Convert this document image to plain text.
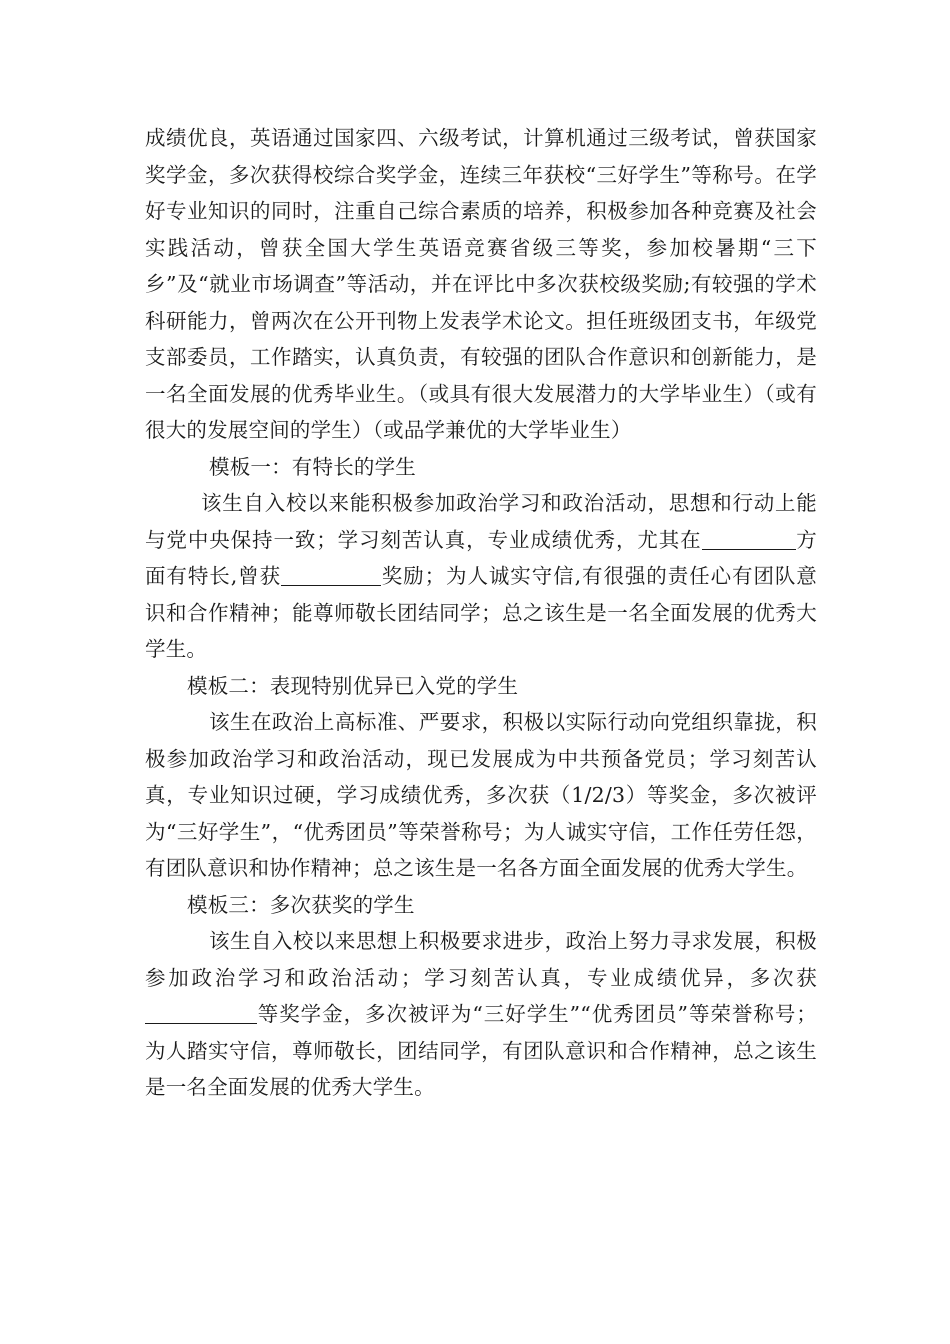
成绩优良，英语通过国家四、六级考试，计算机通过三级考试，曾获国家奖学金，多次获得校综合奖学金，连续三年获校“三好学生”等称号。在学好专业知识的同时，注重自己综合素质的培养，积极参加各种竞赛及社会实践活动，曾获全国大学生英语竞赛省级三等奖，参加校暑期“三下乡”及“就业市场调查”等活动，并在评比中多次获校级奖励;有较强的学术科研能力，曾两次在公开刊物上发表学术论文。担任班级团支书，年级党支部委员，工作踏实，认真负责，有较强的团队合作意识和创新能力，是一名全面发展的优秀毕业生。（或具有很大发展潜力的大学毕业生）（或有很大的发展空间的学生）（或品学兼优的大学毕业生）

模板一：有特长的学生

该生自入校以来能积极参加政治学习和政治活动，思想和行动上能与党中央保持一致；学习刻苦认真，专业成绩优秀，尤其在	方面有特长,曾获	奖励；为人诚实守信,有很强的责任心有团队意识和合作精神；能尊师敬长团结同学；总之该生是一名全面发展的优秀大学生。

模板二：表现特别优异已入党的学生

该生在政治上高标准、严要求，积极以实际行动向党组织靠拢，积极参加政治学习和政治活动，现已发展成为中共预备党员；学习刻苦认真，专业知识过硬，学习成绩优秀，多次获（1/2/3）等奖金，多次被评为“三好学生”，“优秀团员”等荣誉称号；为人诚实守信，工作任劳任怨，有团队意识和协作精神；总之该生是一名各方面全面发展的优秀大学生。

模板三：多次获奖的学生

该生自入校以来思想上积极要求进步，政治上努力寻求发展，积极参加政治学习和政治活动；学习刻苦认真，专业成绩优异，多次获等奖学金，多次被评为“三好学生”“优秀团员”等荣誉称号；为人踏实守信，尊师敬长，团结同学，有团队意识和合作精神，总之该生是一名全面发展的优秀大学生。
